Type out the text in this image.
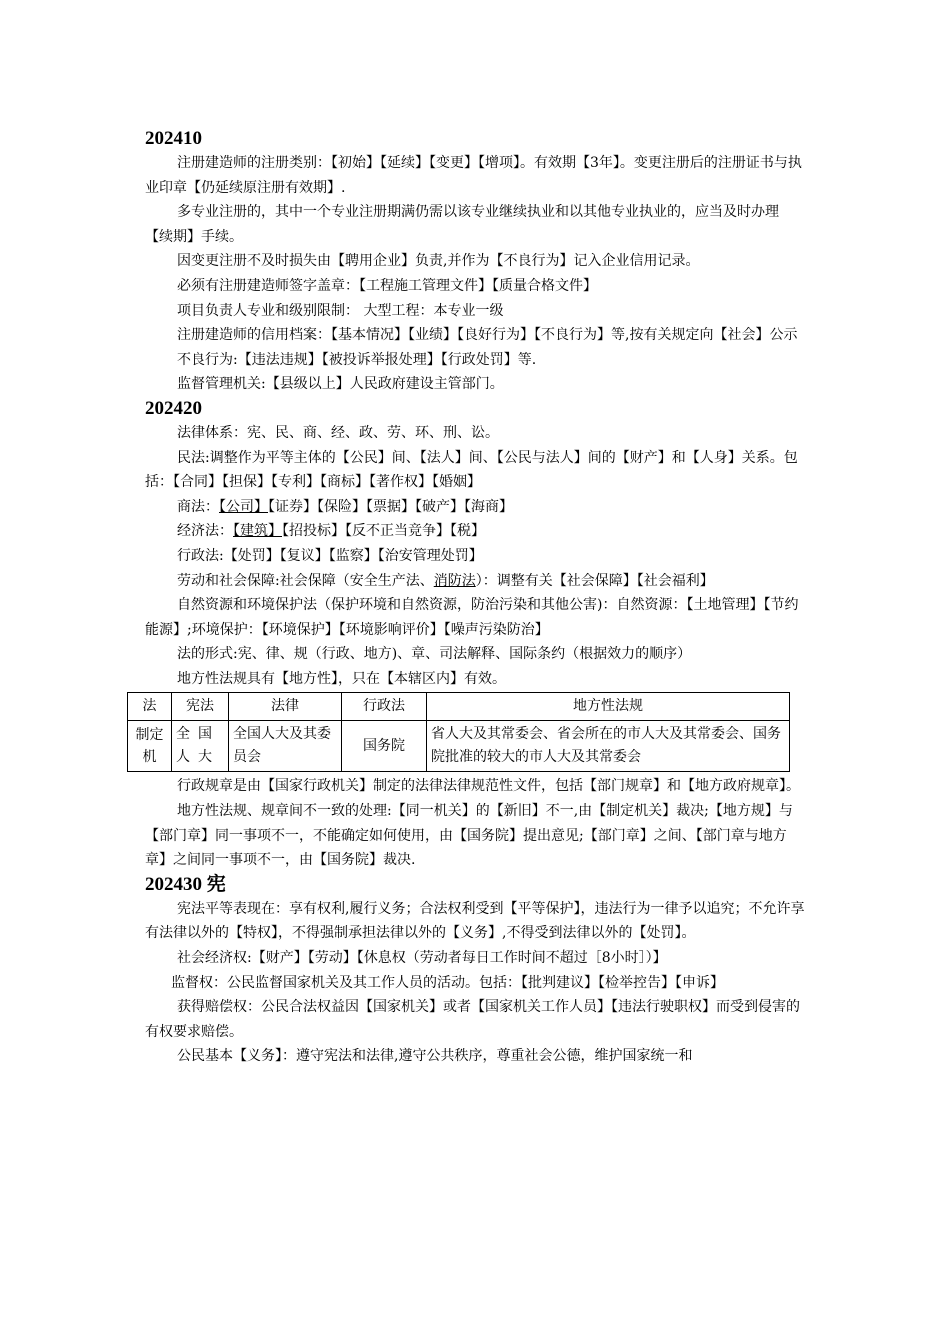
202410

注册建造师的注册类别：【初始】【延续】【变更】【增项】。有效期【3年】。变更注册后的注册证书与执业印章【仍延续原注册有效期】.

多专业注册的，其中一个专业注册期满仍需以该专业继续执业和以其他专业执业的，应当及时办理【续期】手续。

因变更注册不及时损失由【聘用企业】负责,并作为【不良行为】记入企业信用记录。

必须有注册建造师签字盖章：【工程施工管理文件】【质量合格文件】

项目负责人专业和级别限制： 大型工程：本专业一级

注册建造师的信用档案：【基本情况】【业绩】【良好行为】【不良行为】等,按有关规定向【社会】公示

不良行为:【违法违规】【被投诉举报处理】【行政处罚】等.

监督管理机关:【县级以上】人民政府建设主管部门。

202420

法律体系：宪、民、商、经、政、劳、环、刑、讼。

民法:调整作为平等主体的【公民】间、【法人】间、【公民与法人】间的【财产】和【人身】关系。包括：【合同】【担保】【专利】【商标】【著作权】【婚姻】

商法：【公司】【证券】【保险】【票据】【破产】【海商】

经济法：【建筑】【招投标】【反不正当竞争】【税】

行政法:【处罚】【复议】【监察】【治安管理处罚】

劳动和社会保障:社会保障（安全生产法、消防法）：调整有关【社会保障】【社会福利】

自然资源和环境保护法（保护环境和自然资源，防治污染和其他公害)：自然资源：【土地管理】【节约能源】;环境保护：【环境保护】【环境影响评价】【噪声污染防治】

法的形式:宪、律、规（行政、地方)、章、司法解释、国际条约（根据效力的顺序）

地方性法规具有【地方性】，只在【本辖区内】有效。

法	宪法	法律	行政法	地方性法规
制定机	全国人大	全国人大及其委员会	国务院	省人大及其常委会、省会所在的市人大及其常委会、国务院批准的较大的市人大及其常委会

行政规章是由【国家行政机关】制定的法律法律规范性文件，包括【部门规章】和【地方政府规章】。

地方性法规、规章间不一致的处理:【同一机关】的【新旧】不一,由【制定机关】裁决;【地方规】与【部门章】同一事项不一，不能确定如何使用，由【国务院】提出意见;【部门章】之间、【部门章与地方章】之间同一事项不一，由【国务院】裁决.

202430 宪

宪法平等表现在：享有权利,履行义务；合法权利受到【平等保护】，违法行为一律予以追究；不允许享有法律以外的【特权】，不得强制承担法律以外的【义务】,不得受到法律以外的【处罚】。

社会经济权:【财产】【劳动】【休息权（劳动者每日工作时间不超过［8小时］）】

监督权：公民监督国家机关及其工作人员的活动。包括：【批判建议】【检举控告】【申诉】

获得赔偿权：公民合法权益因【国家机关】或者【国家机关工作人员】【违法行驶职权】而受到侵害的有权要求赔偿。

公民基本【义务】：遵守宪法和法律,遵守公共秩序，尊重社会公德，维护国家统一和
